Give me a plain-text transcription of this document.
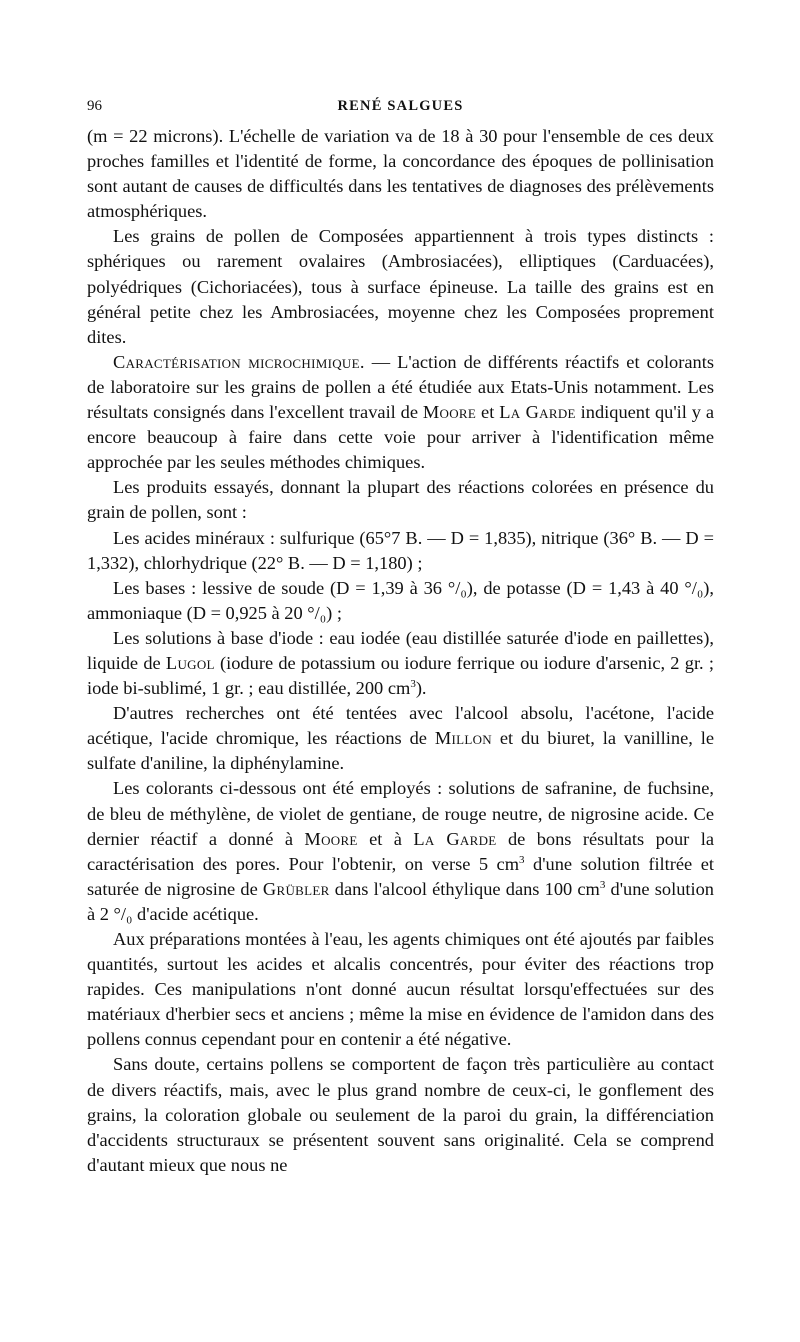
96	RENÉ SALGUES

(m = 22 microns). L'échelle de variation va de 18 à 30 pour l'ensemble de ces deux proches familles et l'identité de forme, la concordance des époques de pollinisation sont autant de causes de difficultés dans les tentatives de diagnoses des prélèvements atmosphériques.

Les grains de pollen de Composées appartiennent à trois types distincts : sphériques ou rarement ovalaires (Ambrosiacées), elliptiques (Carduacées), polyédriques (Cichoriacées), tous à surface épineuse. La taille des grains est en général petite chez les Ambrosiacées, moyenne chez les Composées proprement dites.

Caractérisation microchimique. — L'action de différents réactifs et colorants de laboratoire sur les grains de pollen a été étudiée aux Etats-Unis notamment. Les résultats consignés dans l'excellent travail de Moore et La Garde indiquent qu'il y a encore beaucoup à faire dans cette voie pour arriver à l'identification même approchée par les seules méthodes chimiques.

Les produits essayés, donnant la plupart des réactions colorées en présence du grain de pollen, sont :

Les acides minéraux : sulfurique (65°7 B. — D = 1,835), nitrique (36° B. — D = 1,332), chlorhydrique (22° B. — D = 1,180) ;

Les bases : lessive de soude (D = 1,39 à 36 °/₀), de potasse (D = 1,43 à 40 °/₀), ammoniaque (D = 0,925 à 20 °/₀) ;

Les solutions à base d'iode : eau iodée (eau distillée saturée d'iode en paillettes), liquide de Lugol (iodure de potassium ou iodure ferrique ou iodure d'arsenic, 2 gr. ; iode bi-sublimé, 1 gr. ; eau distillée, 200 $cm^3$).

D'autres recherches ont été tentées avec l'alcool absolu, l'acétone, l'acide acétique, l'acide chromique, les réactions de Millon et du biuret, la vanilline, le sulfate d'aniline, la diphénylamine.

Les colorants ci-dessous ont été employés : solutions de safranine, de fuchsine, de bleu de méthylène, de violet de gentiane, de rouge neutre, de nigrosine acide. Ce dernier réactif a donné à Moore et à La Garde de bons résultats pour la caractérisation des pores. Pour l'obtenir, on verse 5 $cm^3$ d'une solution filtrée et saturée de nigrosine de Grübler dans l'alcool éthylique dans 100 $cm^3$ d'une solution à 2 °/₀ d'acide acétique.

Aux préparations montées à l'eau, les agents chimiques ont été ajoutés par faibles quantités, surtout les acides et alcalis concentrés, pour éviter des réactions trop rapides. Ces manipulations n'ont donné aucun résultat lorsqu'effectuées sur des matériaux d'herbier secs et anciens ; même la mise en évidence de l'amidon dans des pollens connus cependant pour en contenir a été négative.

Sans doute, certains pollens se comportent de façon très particulière au contact de divers réactifs, mais, avec le plus grand nombre de ceux-ci, le gonflement des grains, la coloration globale ou seulement de la paroi du grain, la différenciation d'accidents structuraux se présentent souvent sans originalité. Cela se comprend d'autant mieux que nous ne
